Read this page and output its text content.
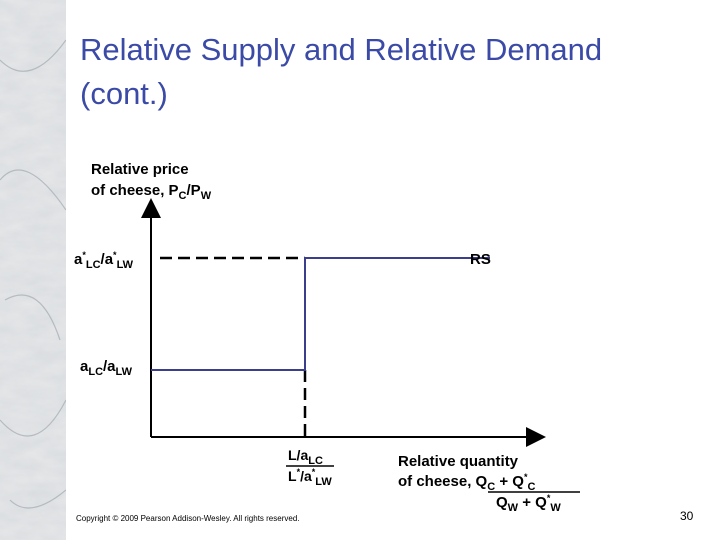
Relative Supply and Relative Demand
(cont.)
Relative price
of cheese, $P_C/P_W$
$a^*_{LC}/a^*_{LW}$
$a_{LC}/a_{LW}$
RS
$L/a_{LC}$
$L^*/a^*_{LW}$
Relative quantity
of cheese, $Q_C + Q^*_C$
$Q_W + Q^*_W$
Copyright © 2009 Pearson Addison-Wesley. All rights reserved.	30
